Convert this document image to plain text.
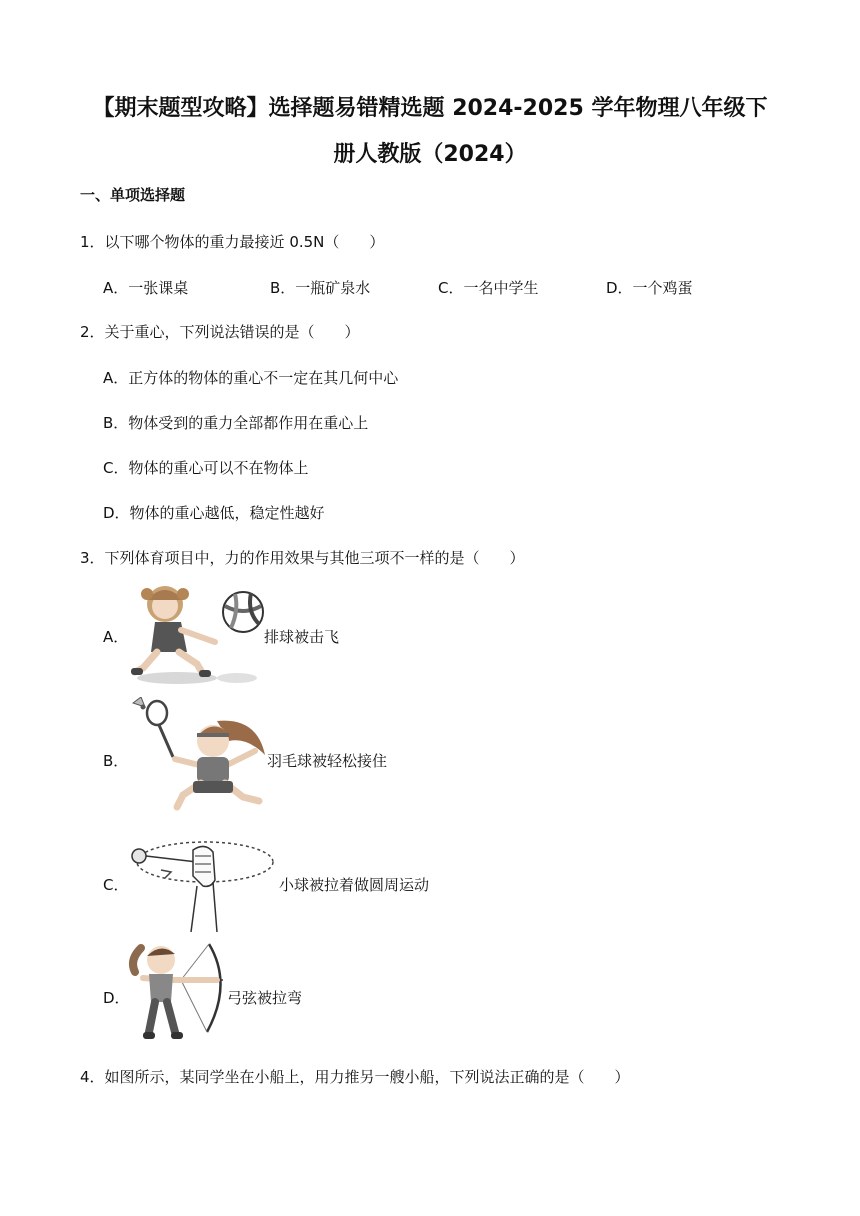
【期末题型攻略】选择题易错精选题 2024-2025 学年物理八年级下
册人教版（2024）
一、单项选择题
1．以下哪个物体的重力最接近 0.5N（　　）
A．一张课桌	B．一瓶矿泉水	C．一名中学生	D．一个鸡蛋
2．关于重心，下列说法错误的是（　　）
A．正方体的物体的重心不一定在其几何中心
B．物体受到的重力全部都作用在重心上
C．物体的重心可以不在物体上
D．物体的重心越低，稳定性越好
3．下列体育项目中，力的作用效果与其他三项不一样的是（　　）
A．	排球被击飞
B．	羽毛球被轻松接住
C．	小球被拉着做圆周运动
D．	弓弦被拉弯
4．如图所示，某同学坐在小船上，用力推另一艘小船，下列说法正确的是（　　）
